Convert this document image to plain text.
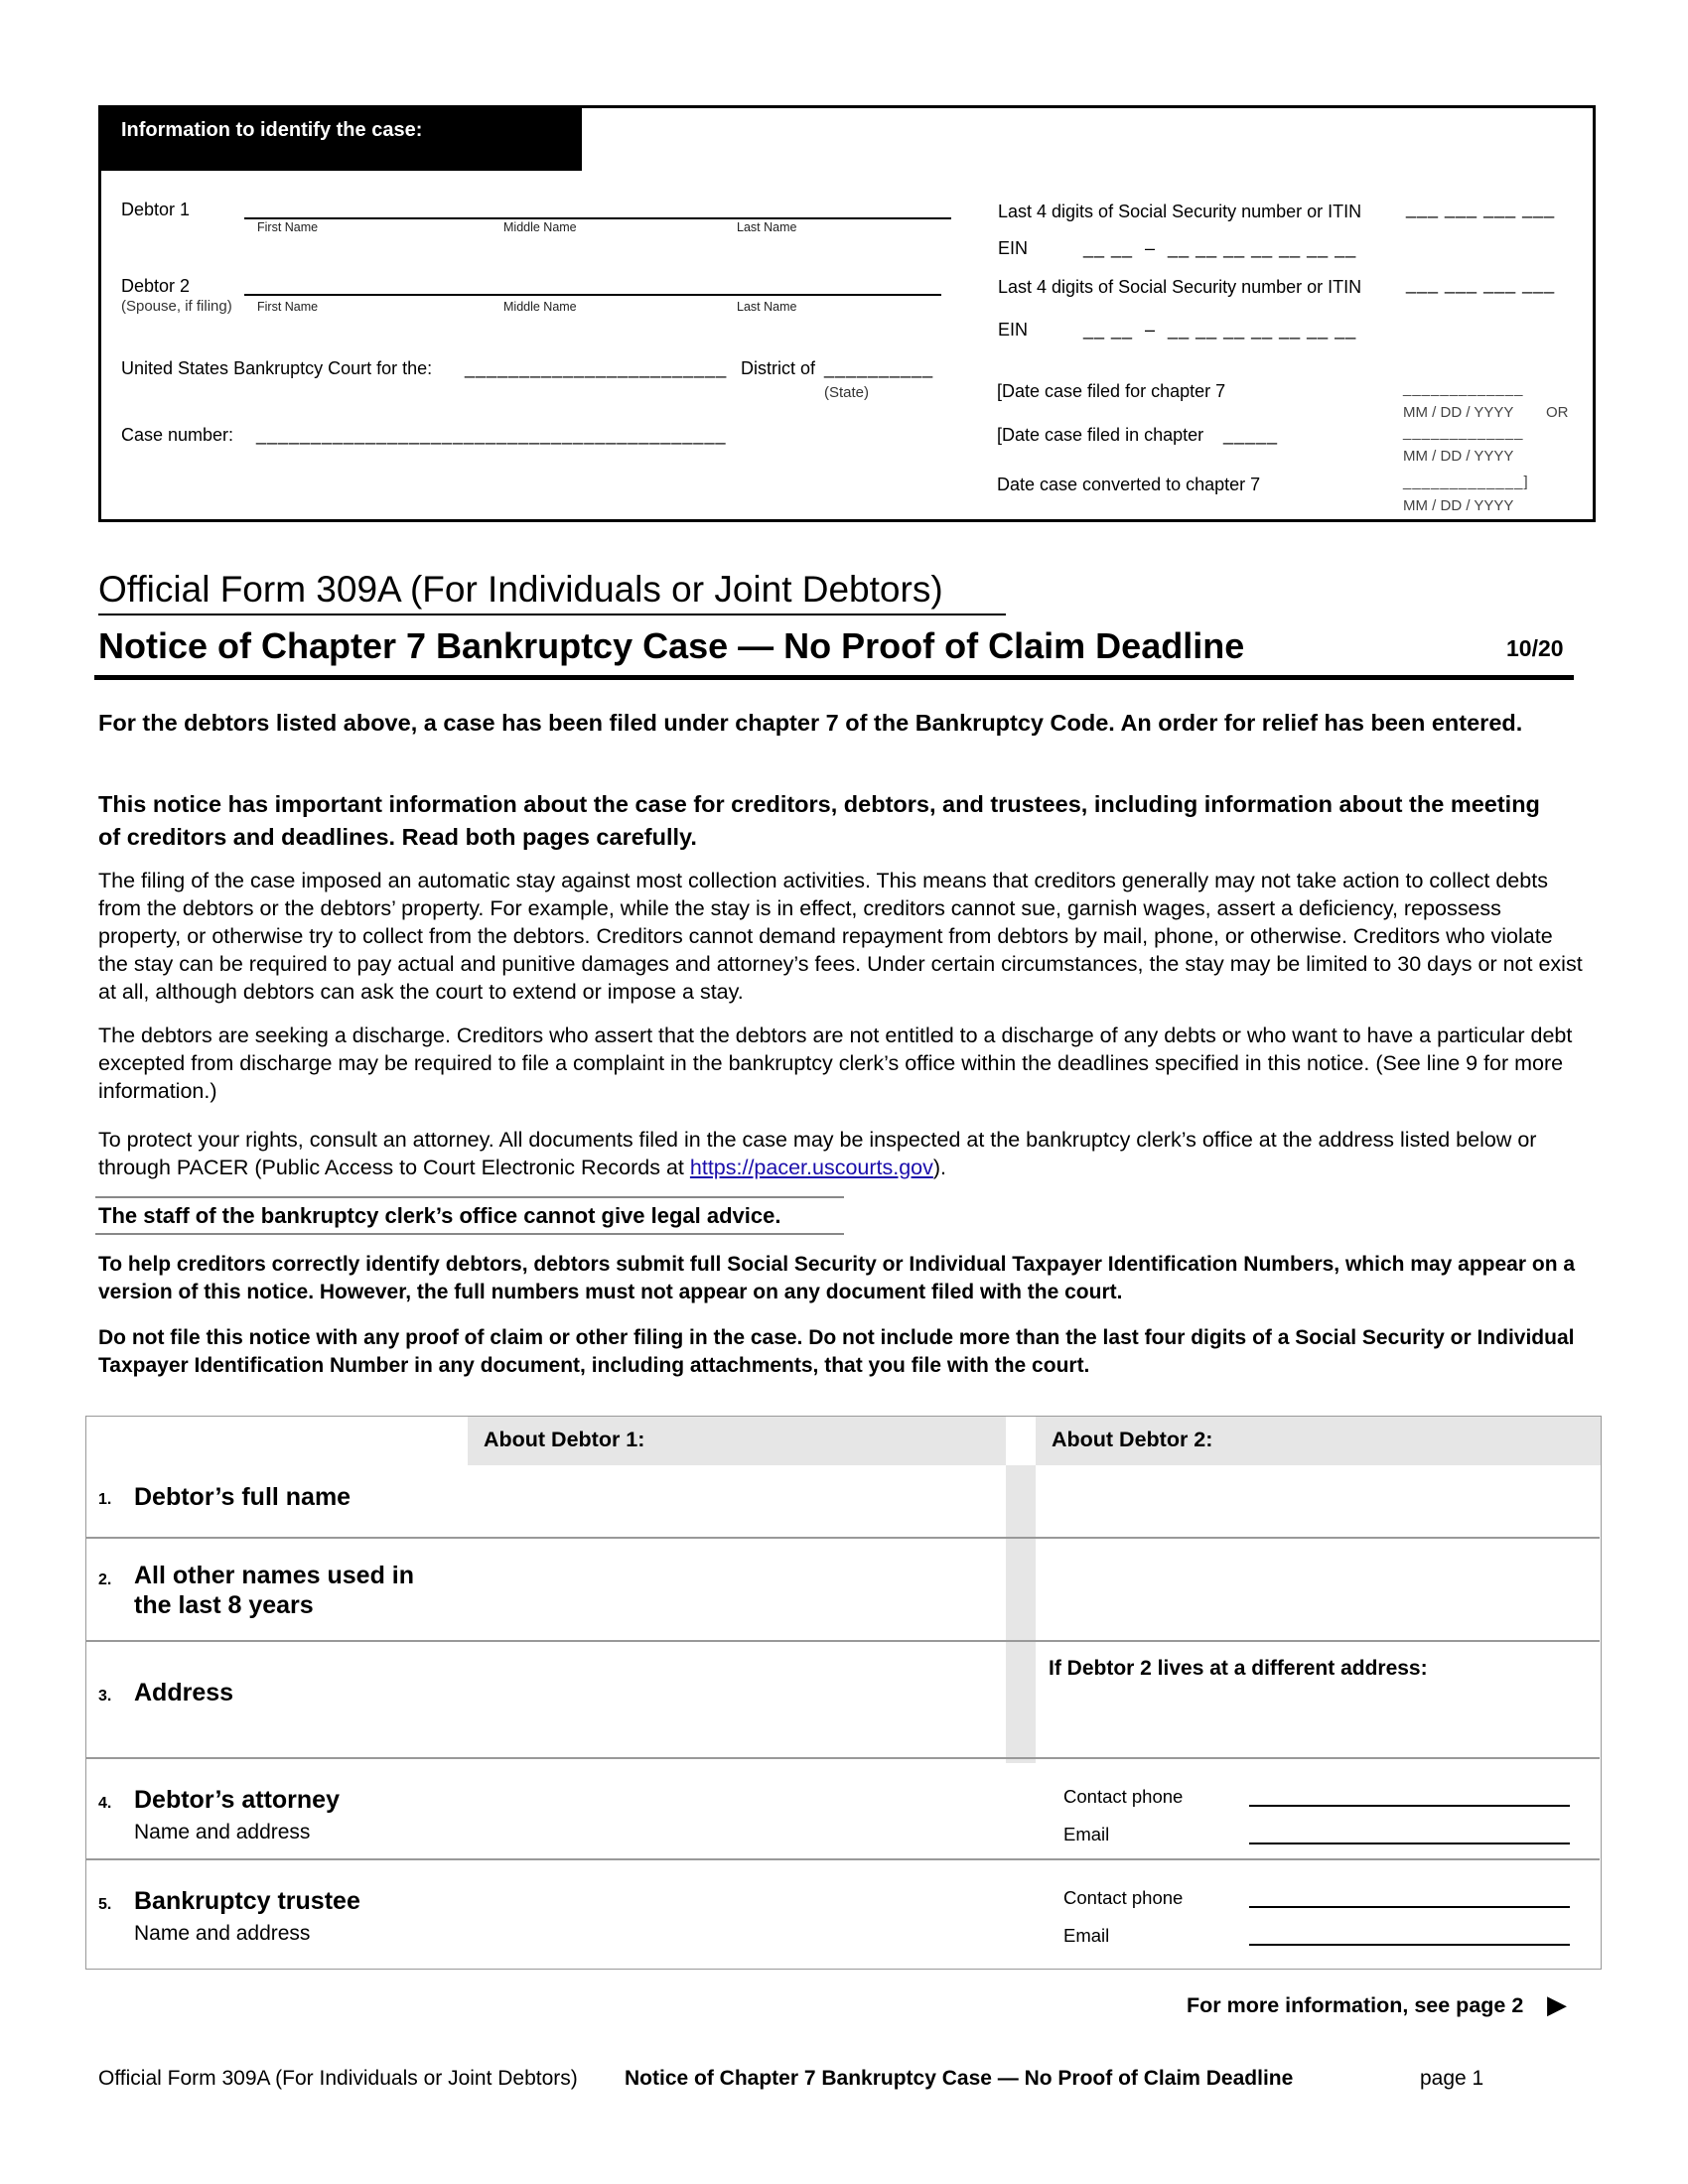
Information to identify the case:
Debtor 1
First Name	Middle Name	Last Name
Debtor 2
(Spouse, if filing) First Name	Middle Name	Last Name
United States Bankruptcy Court for the: ________________________ District of __________
(State)
Case number: ___________________________________________
Last 4 digits of Social Security number or ITIN ___ ___ ___ ___
EIN	__ __  –  __ __ __ __ __ __ __
Last 4 digits of Social Security number or ITIN ___ ___ ___ ___
EIN	__ __  –  __ __ __ __ __ __ __
[Date case filed for chapter 7	_____________
MM / DD / YYYY OR
[Date case filed in chapter _____	_____________
MM / DD / YYYY
Date case converted to chapter 7	_____________]
MM / DD / YYYY
Official Form 309A (For Individuals or Joint Debtors)
Notice of Chapter 7 Bankruptcy Case — No Proof of Claim Deadline	10/20

For the debtors listed above, a case has been filed under chapter 7 of the Bankruptcy Code. An order for relief has been entered.

This notice has important information about the case for creditors, debtors, and trustees, including information about the meeting of creditors and deadlines. Read both pages carefully.

The filing of the case imposed an automatic stay against most collection activities. This means that creditors generally may not take action to collect debts from the debtors or the debtors’ property. For example, while the stay is in effect, creditors cannot sue, garnish wages, assert a deficiency, repossess property, or otherwise try to collect from the debtors. Creditors cannot demand repayment from debtors by mail, phone, or otherwise. Creditors who violate the stay can be required to pay actual and punitive damages and attorney’s fees. Under certain circumstances, the stay may be limited to 30 days or not exist at all, although debtors can ask the court to extend or impose a stay.

The debtors are seeking a discharge. Creditors who assert that the debtors are not entitled to a discharge of any debts or who want to have a particular debt excepted from discharge may be required to file a complaint in the bankruptcy clerk’s office within the deadlines specified in this notice. (See line 9 for more information.)

To protect your rights, consult an attorney. All documents filed in the case may be inspected at the bankruptcy clerk’s office at the address listed below or through PACER (Public Access to Court Electronic Records at https://pacer.uscourts.gov).

The staff of the bankruptcy clerk’s office cannot give legal advice.

To help creditors correctly identify debtors, debtors submit full Social Security or Individual Taxpayer Identification Numbers, which may appear on a version of this notice. However, the full numbers must not appear on any document filed with the court.

Do not file this notice with any proof of claim or other filing in the case. Do not include more than the last four digits of a Social Security or Individual Taxpayer Identification Number in any document, including attachments, that you file with the court.

About Debtor 1:	About Debtor 2:
1. Debtor’s full name
2. All other names used in the last 8 years
3. Address
If Debtor 2 lives at a different address:
4. Debtor’s attorney
Name and address
Contact phone
Email
5. Bankruptcy trustee
Name and address
Contact phone
Email
For more information, see page 2 ▶
Official Form 309A (For Individuals or Joint Debtors) Notice of Chapter 7 Bankruptcy Case — No Proof of Claim Deadline	page 1
